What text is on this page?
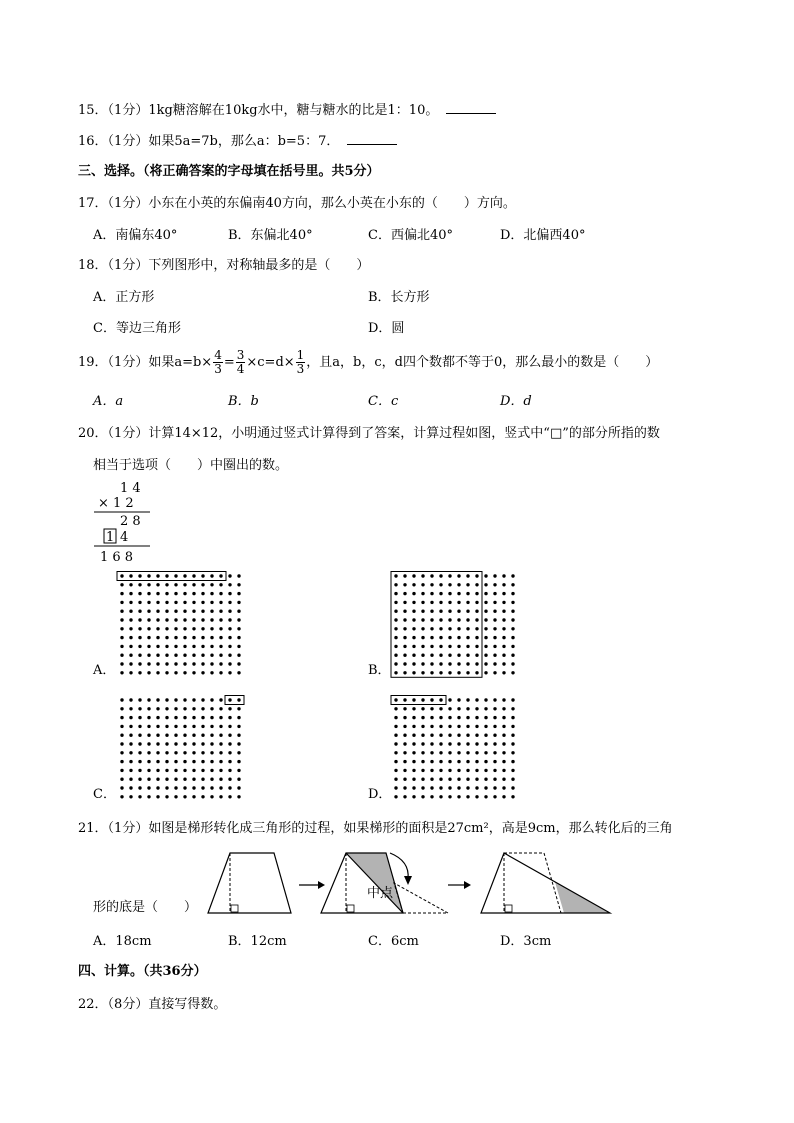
15．（1分）1kg糖溶解在10kg水中，糖与糖水的比是1：10。
16．（1分）如果5a=7b，那么a：b=5：7．
三、选择。（将正确答案的字母填在括号里。共5分）
17．（1分）小东在小英的东偏南40方向，那么小英在小东的（　　）方向。
A．南偏东40°	B．东偏北40°	C．西偏北40°	D．北偏西40°
18．（1分）下列图形中，对称轴最多的是（　　）
A．正方形	B．长方形
C．等边三角形	D．圆
19．（1分）如果$a=b\times \frac{4}{3} = \frac{3}{4} \times c=d\times \frac{1}{3}$ ，且a，b，c，d四个数都不等于0，那么最小的数是（　　）
A．a	B．b	C．c	D．d
20．（1分）计算14×12，小明通过竖式计算得到了答案，计算过程如图，竖式中“□”的部分所指的数
相当于选项（　　）中圈出的数。
1 4
× 1 2
2 8
1 4
1 6 8
A．	B．
C．	D．
21．（1分）如图是梯形转化成三角形的过程，如果梯形的面积是27cm²，高是9cm，那么转化后的三角
形的底是（　　）
中点
A．18cm	B．12cm	C．6cm	D．3cm
四、计算。（共36分）
22．（8分）直接写得数。
